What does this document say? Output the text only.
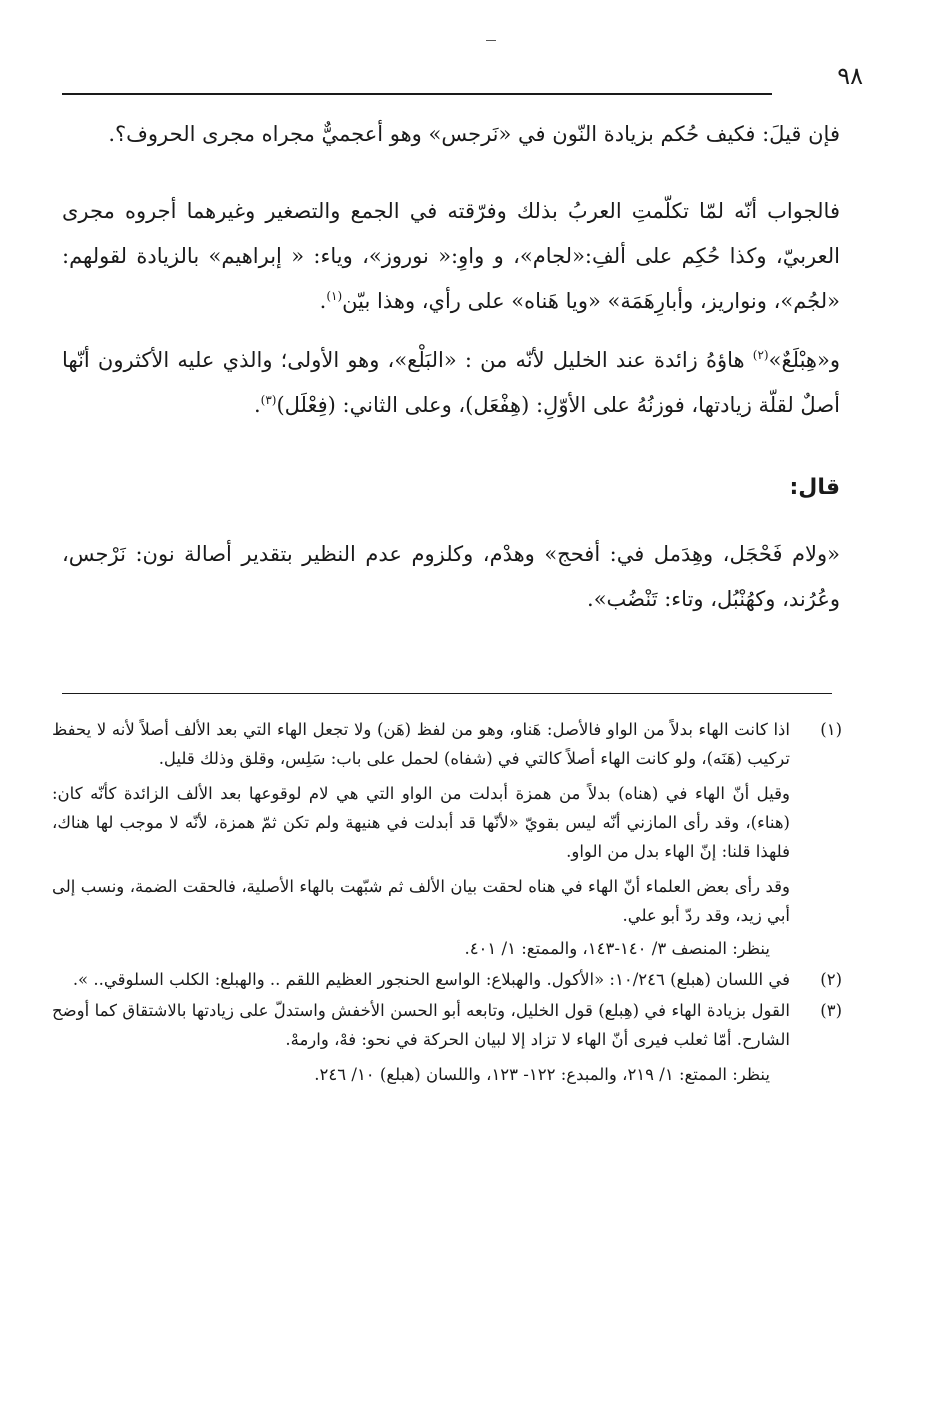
٩٨

فإن قيلَ: فكيف حُكم بزيادة النّون في «نَرجس» وهو أعجميٌّ مجراه مجرى الحروف؟.

فالجواب أنّه لمّا تكلّمتِ العربُ بذلك وفرّقته في الجمع والتصغير وغيرهما أجروه مجرى العربيّ، وكذا حُكِم على ألفِ:«لجام»، و واوِ:« نوروز»، وياء: « إبراهيم» بالزيادة لقولهم: «لجُم»، ونواريز، وأبارِهَمَة» «ويا هَناه» على رأي، وهذا بيّن$^{(١)}$.

و«هِبْلَعٌ»$^{(٢)}$ هاؤهُ زائدة عند الخليل لأنّه من : «البَلْع»، وهو الأولى؛ والذي عليه الأكثرون أنّها أصلٌ لقلّة زيادتها، فوزنُهُ على الأوّلِ: (هِفْعَل)، وعلى الثاني: (فِعْلَل)$^{(٣)}$.

قال:

«ولام فَحْجَل، وهِدَمل في: أفحج» وهدْم، وكلزوم عدم النظير بتقدير أصالة نون: نَرْجس، وعُرُند، وكهُنْبُل، وتاء: تَنْضُب».

(١)

اذا كانت الهاء بدلاً من الواو فالأصل: هَناو، وهو من لفظ (هَن) ولا تجعل الهاء التي بعد الألف أصلاً لأنه لا يحفظ تركيب (هَنَه)، ولو كانت الهاء أصلاً كالتي في (شفاه) لحمل على باب: سَلِس، وقلق وذلك قليل.

وقيل أنّ الهاء في (هناه) بدلاً من همزة أبدلت من الواو التي هي لام لوقوعها بعد الألف الزائدة كأنّه كان: (هناء)، وقد رأى المازني أنّه ليس بقويّ «لأنّها قد أبدلت في هنيهة ولم تكن ثمّ همزة، لأنّه لا موجب لها هناك، فلهذا قلنا: إنّ الهاء بدل من الواو.

وقد رأى بعض العلماء أنّ الهاء في هناه لحقت بيان الألف ثم شبّهت بالهاء الأصلية، فالحقت الضمة، ونسب إلى أبي زيد، وقد ردّ أبو علي.

ينظر: المنصف ٣/ ١٤٠-١٤٣، والممتع: ١/ ٤٠١.

(٢)

في اللسان (هبلع) ١٠/٢٤٦: «الأكول. والهبلاع: الواسع الحنجور العظيم اللقم .. والهبلع: الكلب السلوقي.. ».

(٣)

القول بزيادة الهاء في (هِبلع) قول الخليل، وتابعه أبو الحسن الأخفش واستدلّ على زيادتها بالاشتقاق كما أوضح الشارح. أمّا ثعلب فيرى أنّ الهاء لا تزاد إلا لبيان الحركة في نحو: فهْ، وارمهْ.

ينظر: الممتع: ١/ ٢١٩، والمبدع: ١٢٢- ١٢٣، واللسان (هبلع) ١٠/ ٢٤٦.
